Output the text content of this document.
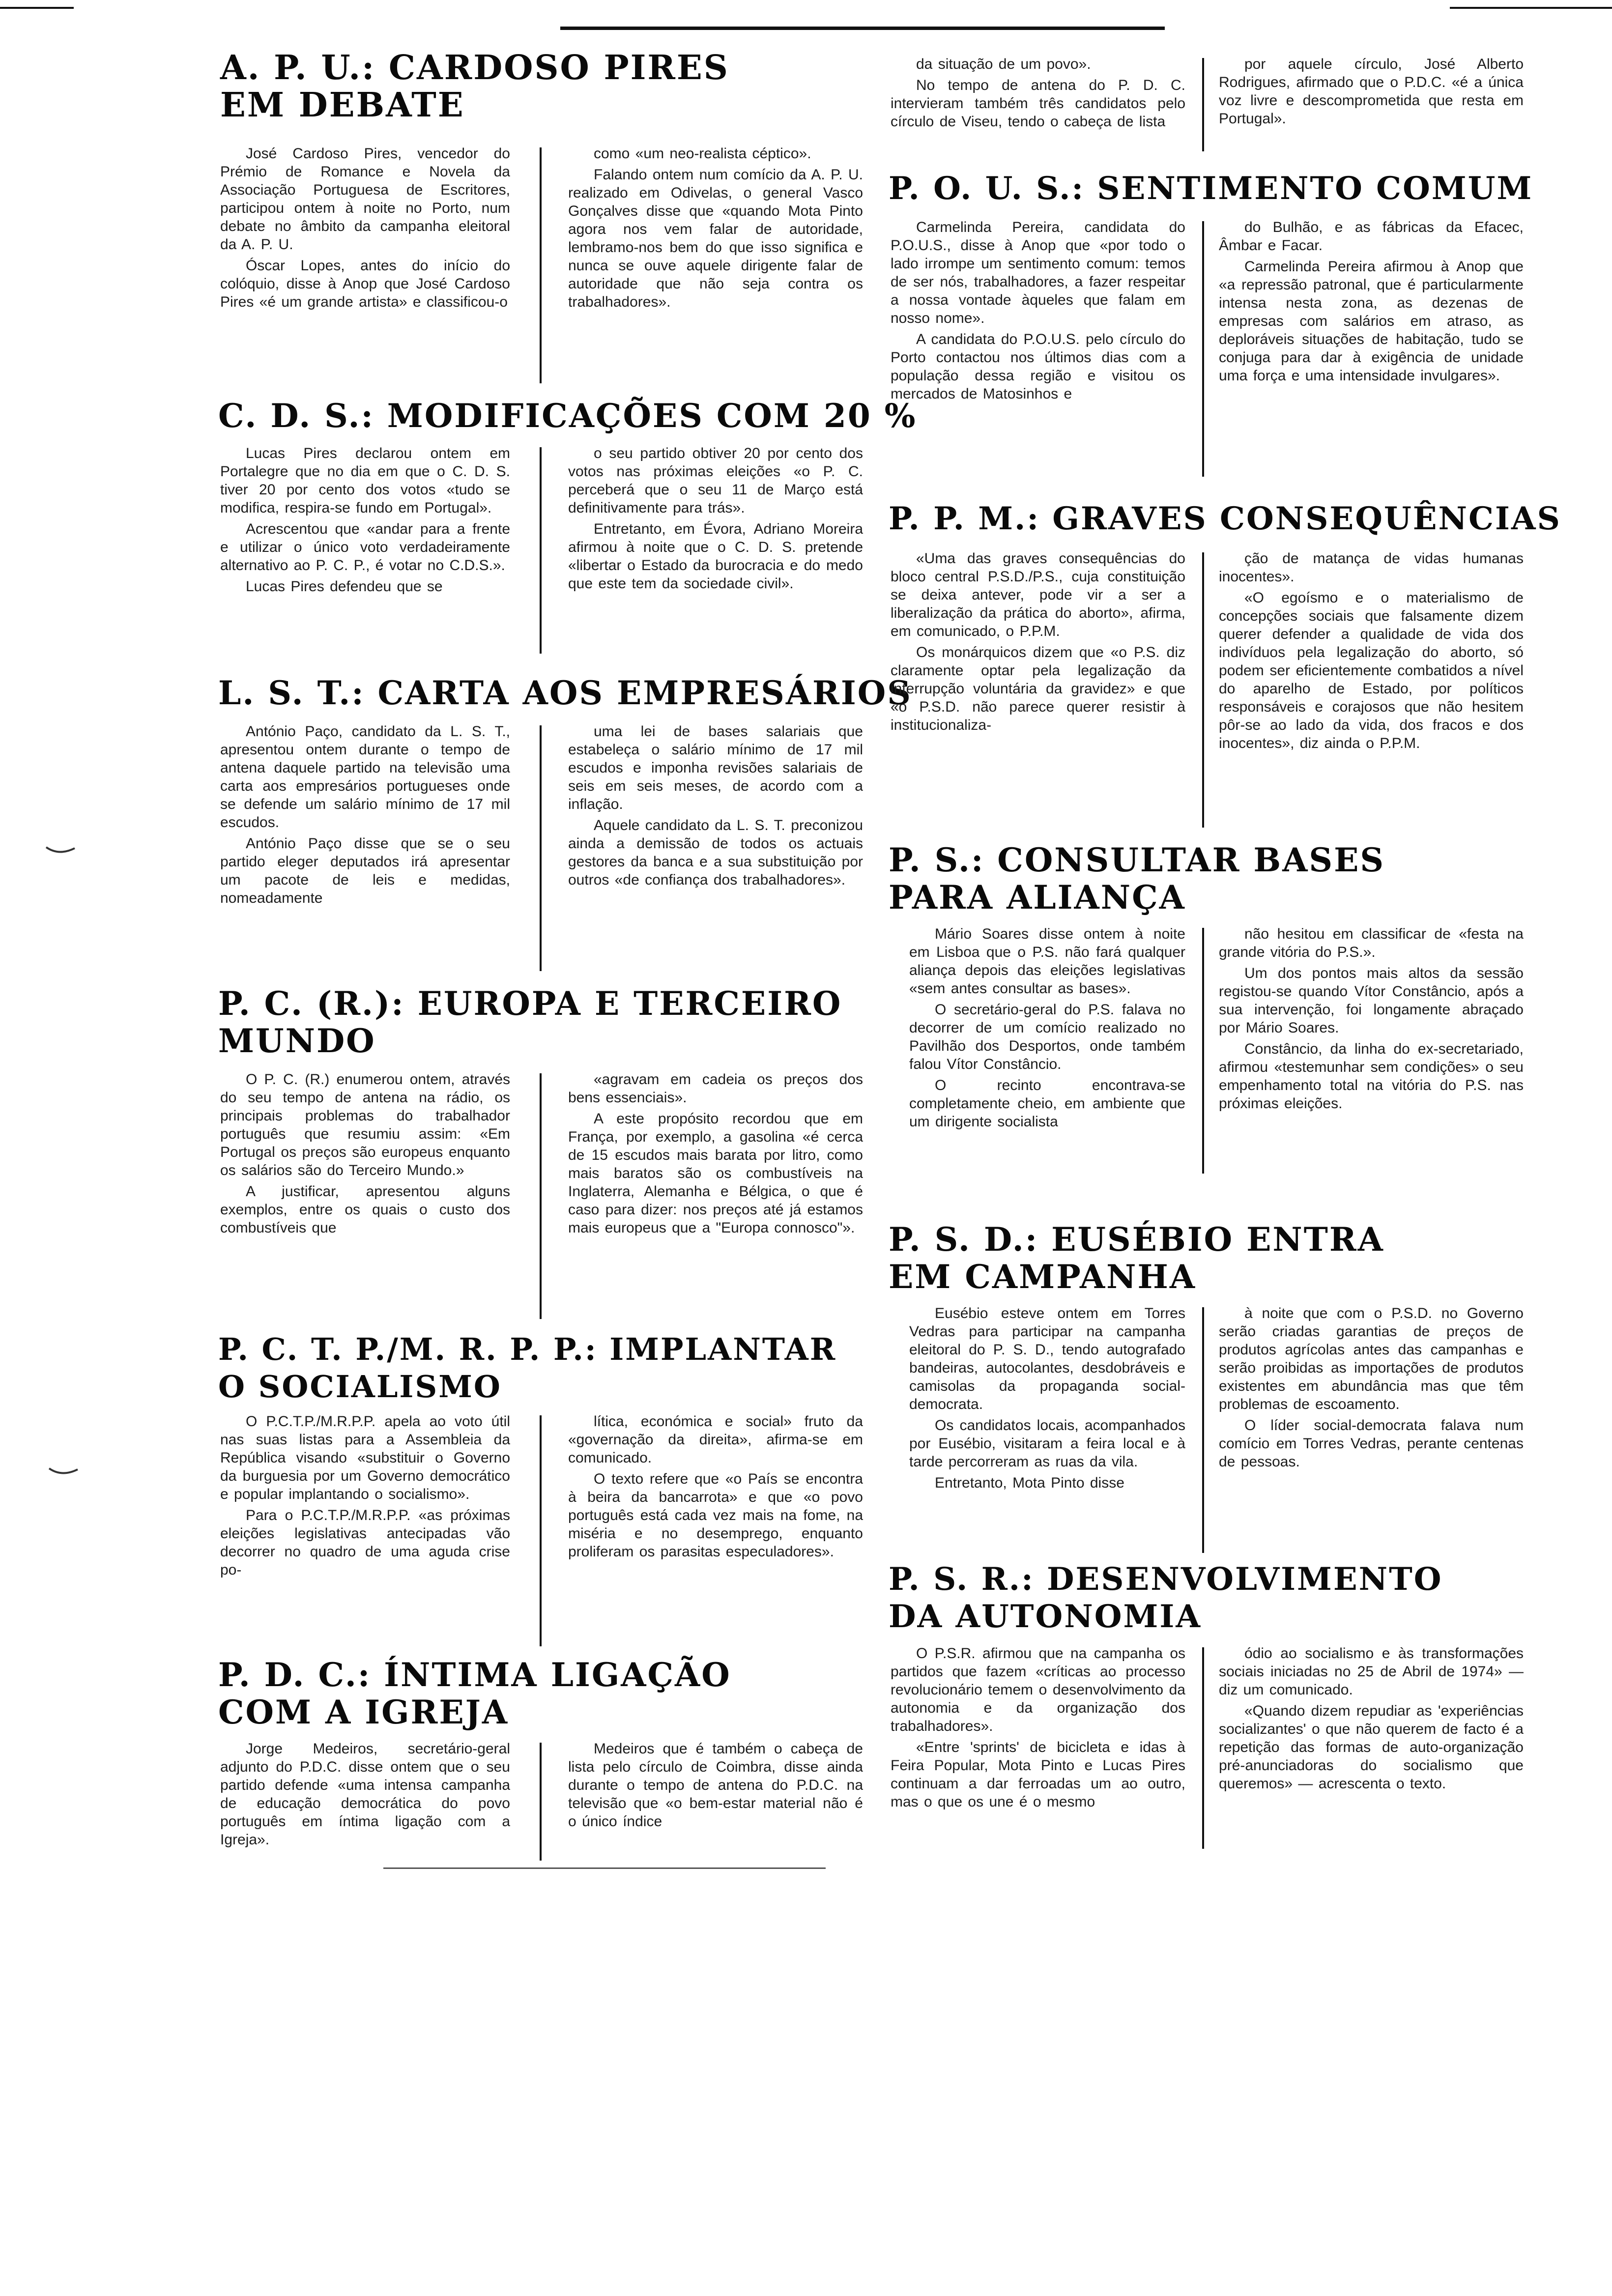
A. P. U.: CARDOSO PIRES
EM DEBATE

José Cardoso Pires, vencedor do Prémio de Romance e Novela da Associação Portuguesa de Escritores, participou ontem à noite no Porto, num debate no âmbito da campanha eleitoral da A. P. U.

Óscar Lopes, antes do início do colóquio, disse à Anop que José Cardoso Pires «é um grande artista» e classificou-o

como «um neo-realista céptico».

Falando ontem num comício da A. P. U. realizado em Odivelas, o general Vasco Gonçalves disse que «quando Mota Pinto agora nos vem falar de autoridade, lembramo-nos bem do que isso significa e nunca se ouve aquele dirigente falar de autoridade que não seja contra os trabalhadores».

C. D. S.: MODIFICAÇÕES COM 20 %

Lucas Pires declarou ontem em Portalegre que no dia em que o C. D. S. tiver 20 por cento dos votos «tudo se modifica, respira-se fundo em Portugal».

Acrescentou que «andar para a frente e utilizar o único voto verdadeiramente alternativo ao P. C. P., é votar no C.D.S.».

Lucas Pires defendeu que se

o seu partido obtiver 20 por cento dos votos nas próximas eleições «o P. C. perceberá que o seu 11 de Março está definitivamente para trás».

Entretanto, em Évora, Adriano Moreira afirmou à noite que o C. D. S. pretende «libertar o Estado da burocracia e do medo que este tem da sociedade civil».

L. S. T.: CARTA AOS EMPRESÁRIOS

António Paço, candidato da L. S. T., apresentou ontem durante o tempo de antena daquele partido na televisão uma carta aos empresários portugueses onde se defende um salário mínimo de 17 mil escudos.

António Paço disse que se o seu partido eleger deputados irá apresentar um pacote de leis e medidas, nomeadamente

uma lei de bases salariais que estabeleça o salário mínimo de 17 mil escudos e imponha revisões salariais de seis em seis meses, de acordo com a inflação.

Aquele candidato da L. S. T. preconizou ainda a demissão de todos os actuais gestores da banca e a sua substituição por outros «de confiança dos trabalhadores».

P. C. (R.): EUROPA E TERCEIRO
MUNDO

O P. C. (R.) enumerou ontem, através do seu tempo de antena na rádio, os principais problemas do trabalhador português que resumiu assim: «Em Portugal os preços são europeus enquanto os salários são do Terceiro Mundo.»

A justificar, apresentou alguns exemplos, entre os quais o custo dos combustíveis que

«agravam em cadeia os preços dos bens essenciais».

A este propósito recordou que em França, por exemplo, a gasolina «é cerca de 15 escudos mais barata por litro, como mais baratos são os combustíveis na Inglaterra, Alemanha e Bélgica, o que é caso para dizer: nos preços até já estamos mais europeus que a "Europa connosco"».

P. C. T. P./M. R. P. P.: IMPLANTAR
O SOCIALISMO

O P.C.T.P./M.R.P.P. apela ao voto útil nas suas listas para a Assembleia da República visando «substituir o Governo da burguesia por um Governo democrático e popular implantando o socialismo».

Para o P.C.T.P./M.R.P.P. «as próximas eleições legislativas antecipadas vão decorrer no quadro de uma aguda crise po-

lítica, económica e social» fruto da «governação da direita», afirma-se em comunicado.

O texto refere que «o País se encontra à beira da bancarrota» e que «o povo português está cada vez mais na fome, na miséria e no desemprego, enquanto proliferam os parasitas especuladores».

P. D. C.: ÍNTIMA LIGAÇÃO
COM A IGREJA

Jorge Medeiros, secretário-geral adjunto do P.D.C. disse ontem que o seu partido defende «uma intensa campanha de educação democrática do povo português em íntima ligação com a Igreja».

Medeiros que é também o cabeça de lista pelo círculo de Coimbra, disse ainda durante o tempo de antena do P.D.C. na televisão que «o bem-estar material não é o único índice

da situação de um povo».

No tempo de antena do P. D. C. intervieram também três candidatos pelo círculo de Viseu, tendo o cabeça de lista

por aquele círculo, José Alberto Rodrigues, afirmado que o P.D.C. «é a única voz livre e descomprometida que resta em Portugal».

P. O. U. S.: SENTIMENTO COMUM

Carmelinda Pereira, candidata do P.O.U.S., disse à Anop que «por todo o lado irrompe um sentimento comum: temos de ser nós, trabalhadores, a fazer respeitar a nossa vontade àqueles que falam em nosso nome».

A candidata do P.O.U.S. pelo círculo do Porto contactou nos últimos dias com a população dessa região e visitou os mercados de Matosinhos e

do Bulhão, e as fábricas da Efacec, Âmbar e Facar.

Carmelinda Pereira afirmou à Anop que «a repressão patronal, que é particularmente intensa nesta zona, as dezenas de empresas com salários em atraso, as deploráveis situações de habitação, tudo se conjuga para dar à exigência de unidade uma força e uma intensidade invulgares».

P. P. M.: GRAVES CONSEQUÊNCIAS

«Uma das graves consequências do bloco central P.S.D./P.S., cuja constituição se deixa antever, pode vir a ser a liberalização da prática do aborto», afirma, em comunicado, o P.P.M.

Os monárquicos dizem que «o P.S. diz claramente optar pela legalização da interrupção voluntária da gravidez» e que «o P.S.D. não parece querer resistir à institucionaliza-

ção de matança de vidas humanas inocentes».

«O egoísmo e o materialismo de concepções sociais que falsamente dizem querer defender a qualidade de vida dos indivíduos pela legalização do aborto, só podem ser eficientemente combatidos a nível do aparelho de Estado, por políticos responsáveis e corajosos que não hesitem pôr-se ao lado da vida, dos fracos e dos inocentes», diz ainda o P.P.M.

P. S.: CONSULTAR BASES
PARA ALIANÇA

Mário Soares disse ontem à noite em Lisboa que o P.S. não fará qualquer aliança depois das eleições legislativas «sem antes consultar as bases».

O secretário-geral do P.S. falava no decorrer de um comício realizado no Pavilhão dos Desportos, onde também falou Vítor Constâncio.

O recinto encontrava-se completamente cheio, em ambiente que um dirigente socialista

não hesitou em classificar de «festa na grande vitória do P.S.».

Um dos pontos mais altos da sessão registou-se quando Vítor Constâncio, após a sua intervenção, foi longamente abraçado por Mário Soares.

Constâncio, da linha do ex-secretariado, afirmou «testemunhar sem condições» o seu empenhamento total na vitória do P.S. nas próximas eleições.

P. S. D.: EUSÉBIO ENTRA
EM CAMPANHA

Eusébio esteve ontem em Torres Vedras para participar na campanha eleitoral do P. S. D., tendo autografado bandeiras, autocolantes, desdobráveis e camisolas da propaganda social-democrata.

Os candidatos locais, acompanhados por Eusébio, visitaram a feira local e à tarde percorreram as ruas da vila.

Entretanto, Mota Pinto disse

à noite que com o P.S.D. no Governo serão criadas garantias de preços de produtos agrícolas antes das campanhas e serão proibidas as importações de produtos existentes em abundância mas que têm problemas de escoamento.

O líder social-democrata falava num comício em Torres Vedras, perante centenas de pessoas.

P. S. R.: DESENVOLVIMENTO
DA AUTONOMIA

O P.S.R. afirmou que na campanha os partidos que fazem «críticas ao processo revolucionário temem o desenvolvimento da autonomia e da organização dos trabalhadores».

«Entre 'sprints' de bicicleta e idas à Feira Popular, Mota Pinto e Lucas Pires continuam a dar ferroadas um ao outro, mas o que os une é o mesmo

ódio ao socialismo e às transformações sociais iniciadas no 25 de Abril de 1974» — diz um comunicado.

«Quando dizem repudiar as 'experiências socializantes' o que não querem de facto é a repetição das formas de auto-organização pré-anunciadoras do socialismo que queremos» — acrescenta o texto.
